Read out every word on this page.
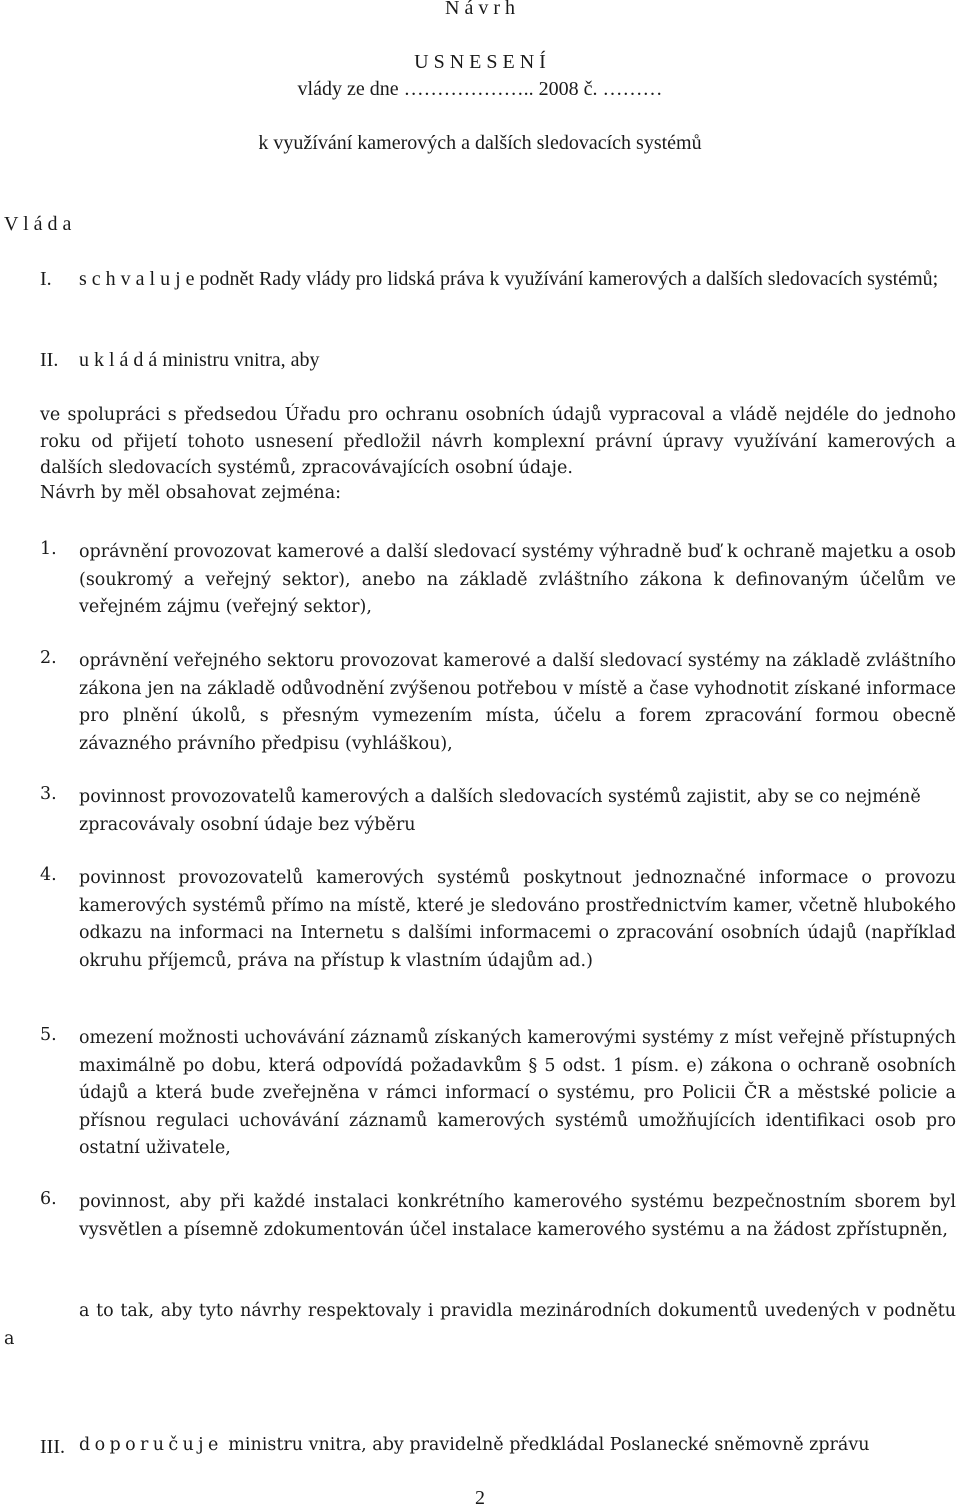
N á v r h
U S N E S E N Í
vlády ze dne ……………….. 2008 č. ………
k využívání kamerových a dalších sledovacích systémů
V l á d a
I. s c h v a l u j e podnět Rady vlády pro lidská práva k využívání kamerových a dalších sledovacích systémů;
II. u k l á d á ministru vnitra, aby
ve spolupráci s předsedou Úřadu pro ochranu osobních údajů vypracoval a vládě nejdéle do jednoho roku od přijetí tohoto usnesení předložil návrh komplexní právní úpravy využívání kamerových a dalších sledovacích systémů, zpracovávajících osobní údaje.
Návrh by měl obsahovat zejména:
1. oprávnění provozovat kamerové a další sledovací systémy výhradně buď k ochraně majetku a osob (soukromý a veřejný sektor), anebo na základě zvláštního zákona k definovaným účelům ve veřejném zájmu (veřejný sektor),
2. oprávnění veřejného sektoru provozovat kamerové a další sledovací systémy na základě zvláštního zákona jen na základě odůvodnění zvýšenou potřebou v místě a čase vyhodnotit získané informace pro plnění úkolů, s přesným vymezením místa, účelu a forem zpracování formou obecně závazného právního předpisu (vyhláškou),
3. povinnost provozovatelů kamerových a dalších sledovacích systémů zajistit, aby se co nejméně zpracovávaly osobní údaje bez výběru
4. povinnost provozovatelů kamerových systémů poskytnout jednoznačné informace o provozu kamerových systémů přímo na místě, které je sledováno prostřednictvím kamer, včetně hlubokého odkazu na informaci na Internetu s dalšími informacemi o zpracování osobních údajů (například okruhu příjemců, práva na přístup k vlastním údajům ad.)
5. omezení možnosti uchovávání záznamů získaných kamerovými systémy z míst veřejně přístupných maximálně po dobu, která odpovídá požadavkům § 5 odst. 1 písm. e) zákona o ochraně osobních údajů a která bude zveřejněna v rámci informací o systému, pro Policii ČR a městské policie a přísnou regulaci uchovávání záznamů kamerových systémů umožňujících identifikaci osob pro ostatní uživatele,
6. povinnost, aby při každé instalaci konkrétního kamerového systému bezpečnostním sborem byl vysvětlen a písemně zdokumentován účel instalace kamerového systému a na žádost zpřístupněn,
a to tak, aby tyto návrhy respektovaly i pravidla mezinárodních dokumentů uvedených v podnětu a
III. doporučuje ministru vnitra, aby pravidelně předkládal Poslanecké sněmovně zprávu
2
